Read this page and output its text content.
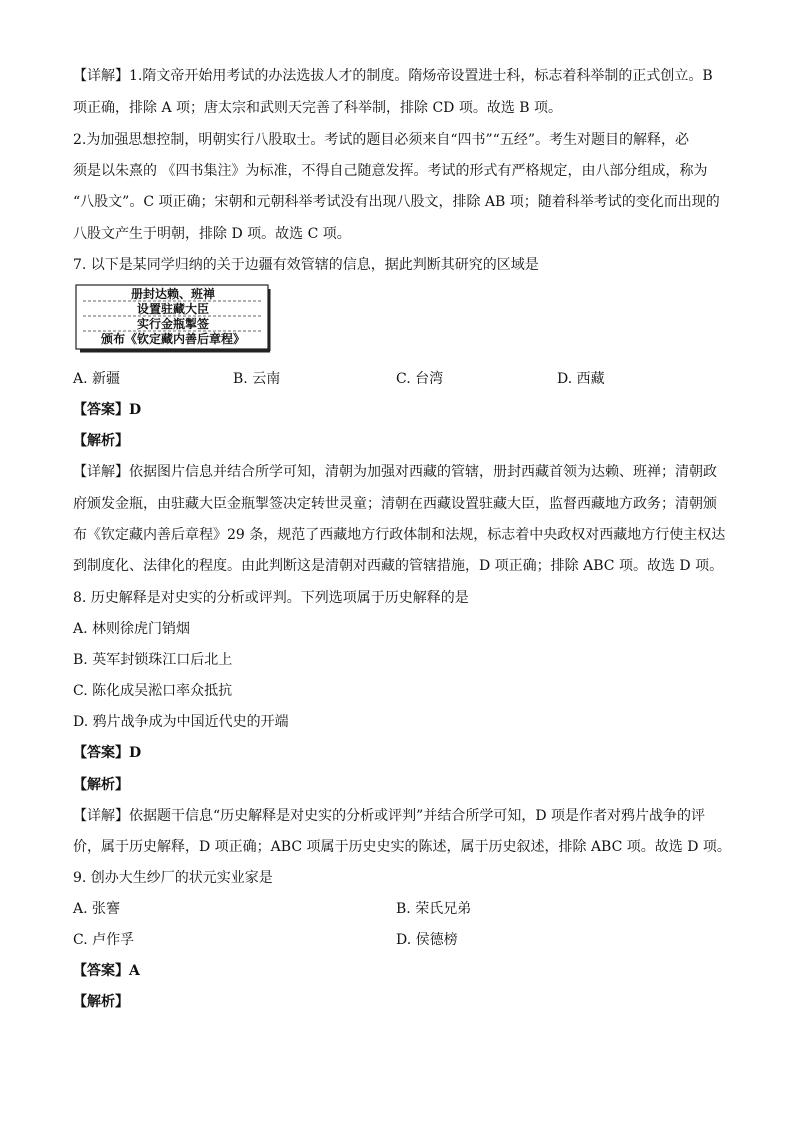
【详解】1.隋文帝开始用考试的办法选拔人才的制度。隋炀帝设置进士科，标志着科举制的正式创立。B
项正确，排除 A 项；唐太宗和武则天完善了科举制，排除 CD 项。故选 B 项。
2.为加强思想控制，明朝实行八股取士。考试的题目必须来自“四书”“五经”。考生对题目的解释，必
须是以朱熹的 《四书集注》为标准，不得自己随意发挥。考试的形式有严格规定，由八部分组成，称为
“八股文”。C 项正确；宋朝和元朝科举考试没有出现八股文，排除 AB 项；随着科举考试的变化而出现的
八股文产生于明朝，排除 D 项。故选 C 项。
7. 以下是某同学归纳的关于边疆有效管辖的信息，据此判断其研究的区域是
册封达赖、班禅
设置驻藏大臣
实行金瓶掣签
颁布《钦定藏内善后章程》
A. 新疆	B. 云南	C. 台湾	D. 西藏
【答案】D
【解析】
【详解】依据图片信息并结合所学可知，清朝为加强对西藏的管辖，册封西藏首领为达赖、班禅；清朝政
府颁发金瓶，由驻藏大臣金瓶掣签决定转世灵童；清朝在西藏设置驻藏大臣，监督西藏地方政务；清朝颁
布《钦定藏内善后章程》29 条，规范了西藏地方行政体制和法规，标志着中央政权对西藏地方行使主权达
到制度化、法律化的程度。由此判断这是清朝对西藏的管辖措施，D 项正确；排除 ABC 项。故选 D 项。
8. 历史解释是对史实的分析或评判。下列选项属于历史解释的是
A. 林则徐虎门销烟
B. 英军封锁珠江口后北上
C. 陈化成吴淞口率众抵抗
D. 鸦片战争成为中国近代史的开端
【答案】D
【解析】
【详解】依据题干信息“历史解释是对史实的分析或评判”并结合所学可知，D 项是作者对鸦片战争的评
价，属于历史解释，D 项正确；ABC 项属于历史史实的陈述，属于历史叙述，排除 ABC 项。故选 D 项。
9. 创办大生纱厂的状元实业家是
A. 张謇	B. 荣氏兄弟
C. 卢作孚	D. 侯德榜
【答案】A
【解析】
